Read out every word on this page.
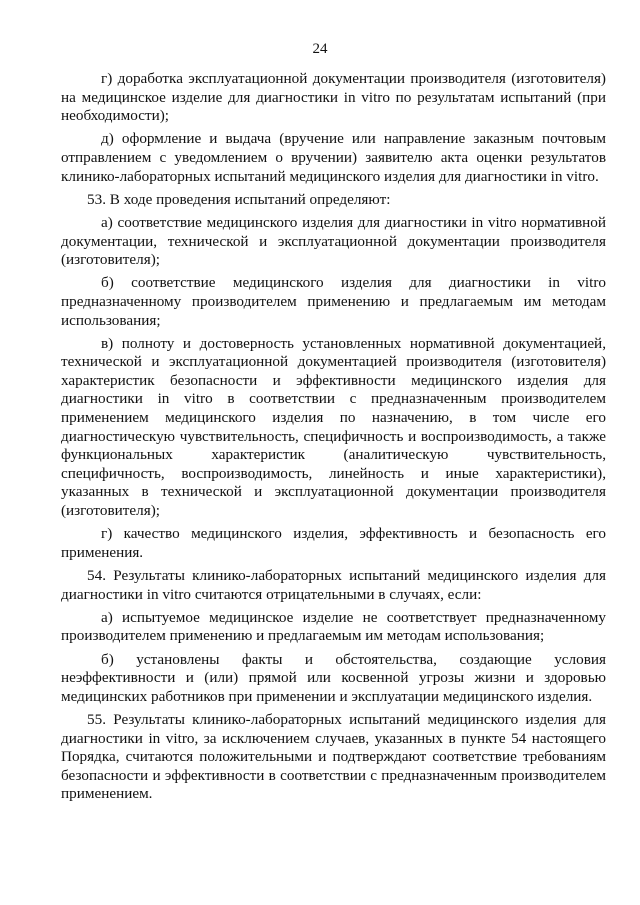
24

г) доработка эксплуатационной документации производителя (изготовителя) на медицинское изделие для диагностики in vitro по результатам испытаний (при необходимости);

д) оформление и выдача (вручение или направление заказным почтовым отправлением с уведомлением о вручении) заявителю акта оценки результатов клинико-лабораторных испытаний медицинского изделия для диагностики in vitro.

53. В ходе проведения испытаний определяют:

а) соответствие медицинского изделия для диагностики in vitro нормативной документации, технической и эксплуатационной документации производителя (изготовителя);

б) соответствие медицинского изделия для диагностики in vitro предназначенному производителем применению и предлагаемым им методам использования;

в) полноту и достоверность установленных нормативной документацией, технической и эксплуатационной документацией производителя (изготовителя) характеристик безопасности и эффективности медицинского изделия для диагностики in vitro в соответствии с предназначенным производителем применением медицинского изделия по назначению, в том числе его диагностическую чувствительность, специфичность и воспроизводимость, а также функциональных характеристик (аналитическую чувствительность, специфичность, воспроизводимость, линейность и иные характеристики), указанных в технической и эксплуатационной документации производителя (изготовителя);

г) качество медицинского изделия, эффективность и безопасность его применения.

54. Результаты клинико-лабораторных испытаний медицинского изделия для диагностики in vitro считаются отрицательными в случаях, если:

а) испытуемое медицинское изделие не соответствует предназначенному производителем применению и предлагаемым им методам использования;

б) установлены факты и обстоятельства, создающие условия неэффективности и (или) прямой или косвенной угрозы жизни и здоровью медицинских работников при применении и эксплуатации медицинского изделия.

55. Результаты клинико-лабораторных испытаний медицинского изделия для диагностики in vitro, за исключением случаев, указанных в пункте 54 настоящего Порядка, считаются положительными и подтверждают соответствие требованиям безопасности и эффективности в соответствии с предназначенным производителем применением.
